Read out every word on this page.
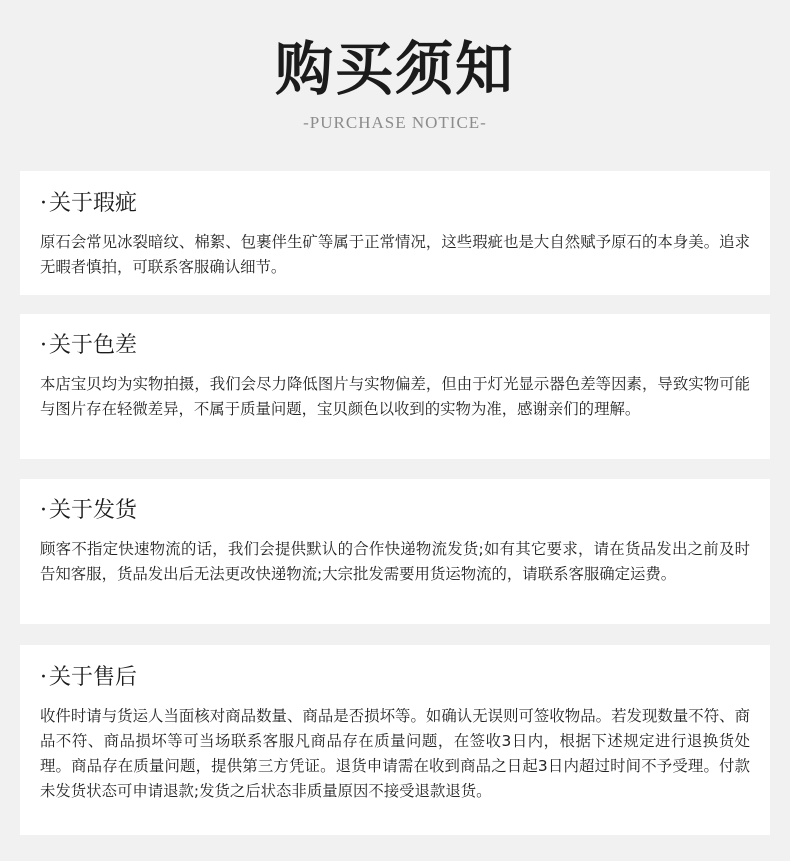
购买须知
-PURCHASE NOTICE-
·关于瑕疵
原石会常见冰裂暗纹、棉絮、包裹伴生矿等属于正常情况，这些瑕疵也是大自然赋予原石的本身美。追求无暇者慎拍，可联系客服确认细节。
·关于色差
本店宝贝均为实物拍摄，我们会尽力降低图片与实物偏差，但由于灯光显示器色差等因素，导致实物可能与图片存在轻微差异，不属于质量问题，宝贝颜色以收到的实物为准，感谢亲们的理解。
·关于发货
顾客不指定快速物流的话，我们会提供默认的合作快递物流发货;如有其它要求，请在货品发出之前及时告知客服，货品发出后无法更改快递物流;大宗批发需要用货运物流的，请联系客服确定运费。
·关于售后
收件时请与货运人当面核对商品数量、商品是否损坏等。如确认无误则可签收物品。若发现数量不符、商品不符、商品损坏等可当场联系客服凡商品存在质量问题，在签收3日内，根据下述规定进行退换货处理。商品存在质量问题，提供第三方凭证。退货申请需在收到商品之日起3日内超过时间不予受理。付款未发货状态可申请退款;发货之后状态非质量原因不接受退款退货。
